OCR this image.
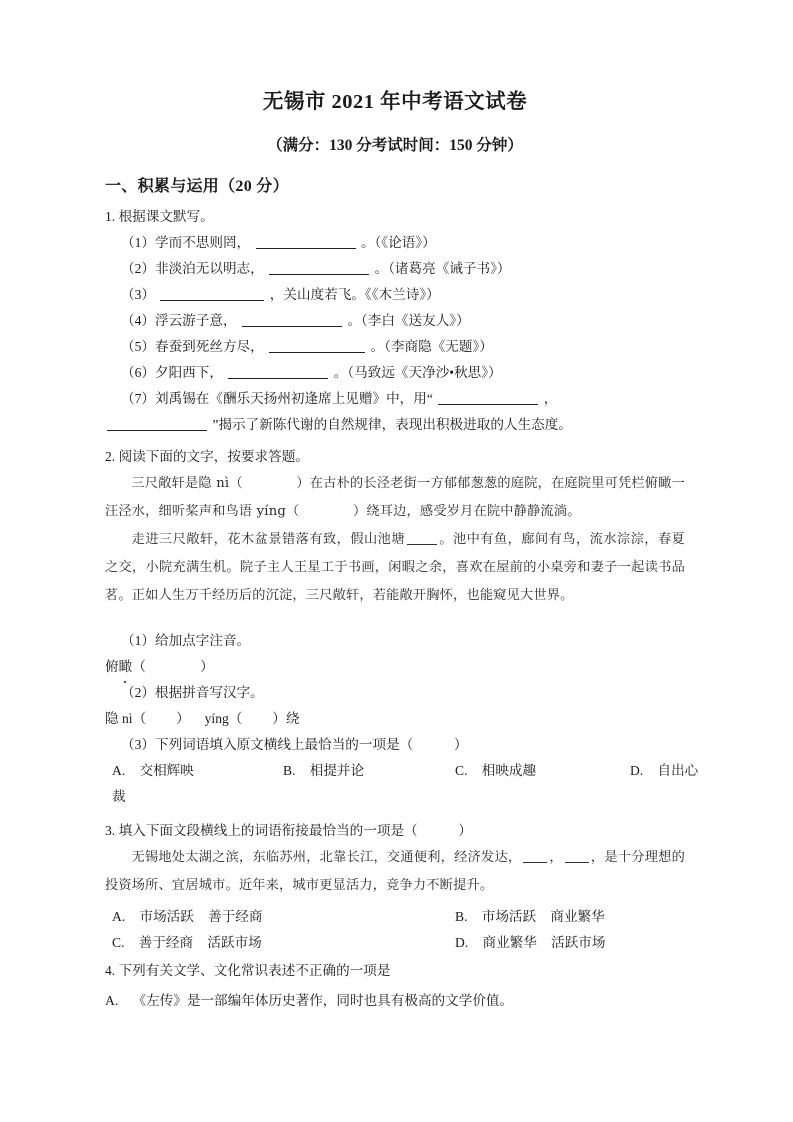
无锡市 2021 年中考语文试卷
（满分：130 分考试时间：150 分钟）
一、积累与运用（20 分）
1. 根据课文默写。
（1）学而不思则罔，	。（《论语》）
（2）非淡泊无以明志，	。（诸葛亮《诫子书》）
（3）	，关山度若飞。《《木兰诗》）
（4）浮云游子意，	。（李白《送友人》）
（5）春蚕到死丝方尽，	。（李商隐《无题》）
（6）夕阳西下，	。（马致远《天净沙•秋思》）
（7）刘禹锡在《酬乐天扬州初逢席上见赠》中，用“	，
”揭示了新陈代谢的自然规律，表现出积极进取的人生态度。
2. 阅读下面的文字，按要求答题。

三尺敞轩是隐 nì（　　　　）在古朴的长泾老街一方郁郁葱葱的庭院，在庭院里可凭栏俯瞰一汪泾水，细听桨声和鸟语 yíng（　　　　）绕耳边，感受岁月在院中静静流淌。

走进三尺敞轩，花木盆景错落有致，假山池塘	。池中有鱼，廊间有鸟，流水淙淙，春夏之交，小院充满生机。院子主人王星工于书画，闲暇之余，喜欢在屋前的小桌旁和妻子一起读书品茗。正如人生万千经历后的沉淀，三尺敞轩，若能敞开胸怀，也能窥见大世界。

（1）给加点字注音。
俯瞰（　　　　）
（2）根据拼音写汉字。
隐 nì（ ） yíng（ ）绕
（3）下列词语填入原文横线上最恰当的一项是（　　　）
A. 交相辉映	B. 相提并论	C. 相映成趣	D. 自出心
裁
3. 填入下面文段横线上的词语衔接最恰当的一项是（　　　）

无锡地处太湖之滨，东临苏州，北靠长江，交通便利，经济发达， ， ，是十分理想的投资场所、宜居城市。近年来，城市更显活力，竞争力不断提升。

A. 市场活跃 善于经商	B. 市场活跃 商业繁华
C. 善于经商 活跃市场	D. 商业繁华 活跃市场
4. 下列有关文学、文化常识表述不正确的一项是
A. 《左传》是一部编年体历史著作，同时也具有极高的文学价值。
